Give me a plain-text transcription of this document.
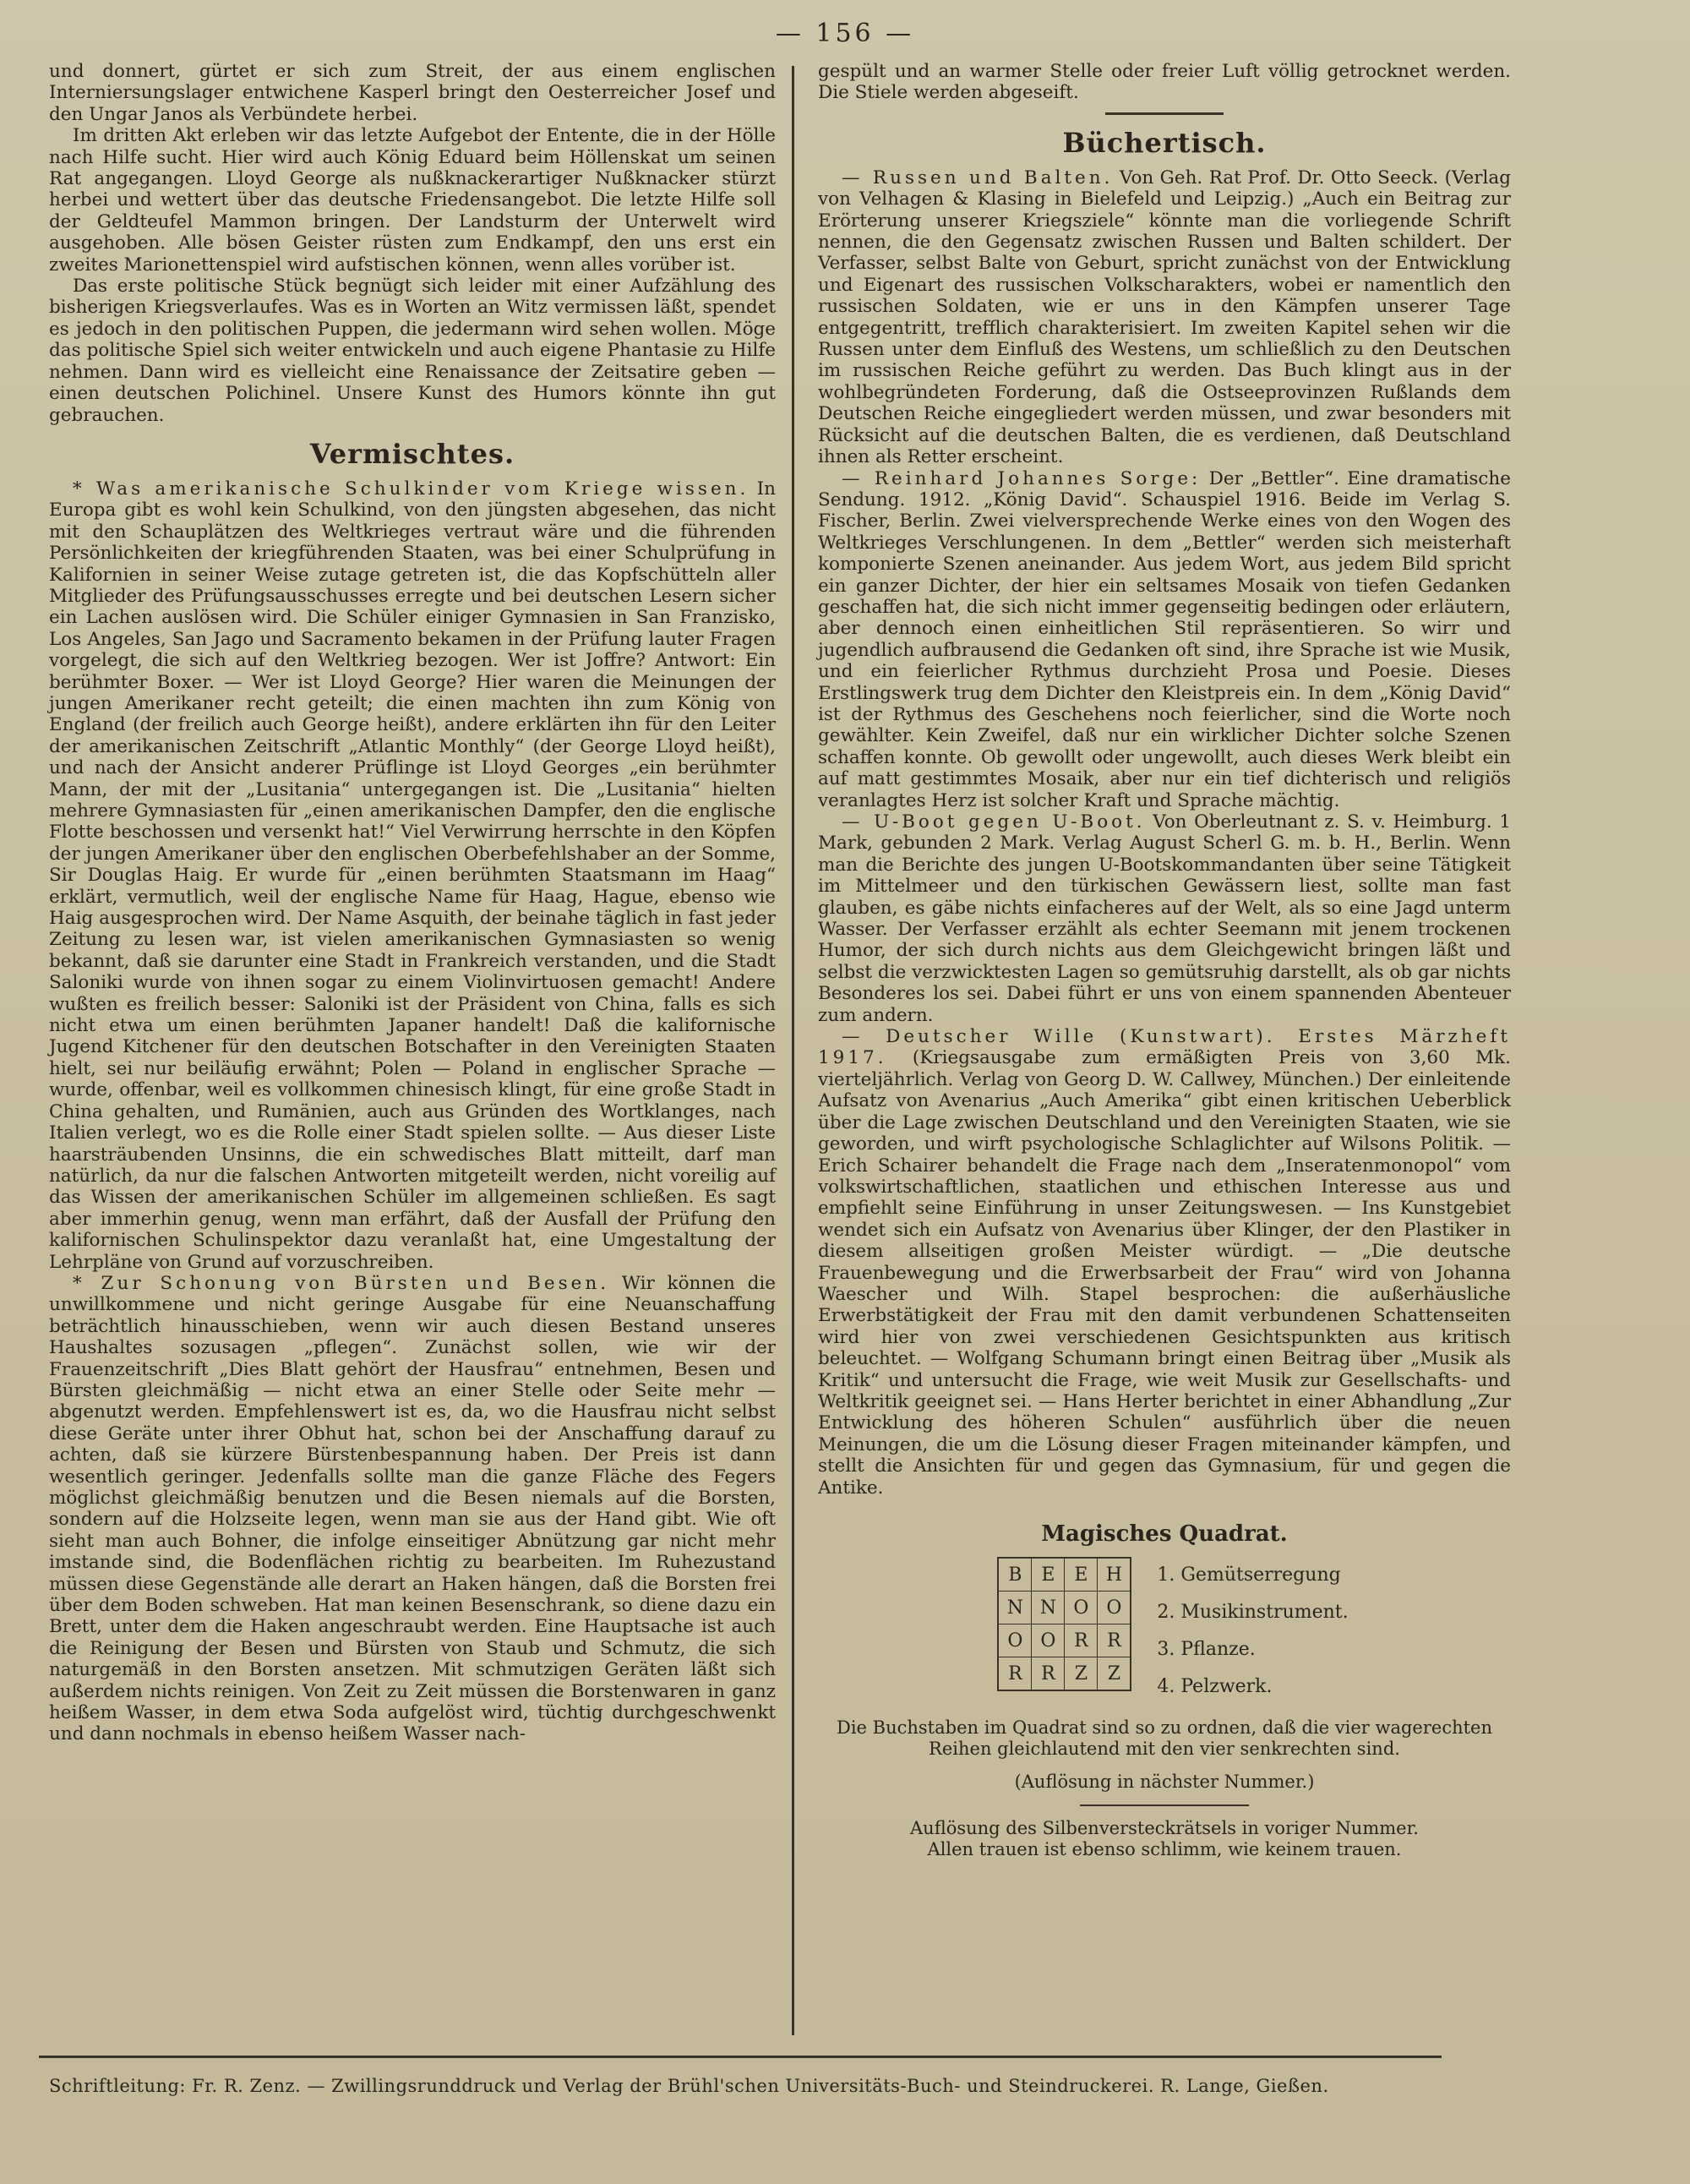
— 156 —

und donnert, gürtet er sich zum Streit, der aus einem englischen Interniersungslager entwichene Kasperl bringt den Oesterreicher Josef und den Ungar Janos als Verbündete herbei.

Im dritten Akt erleben wir das letzte Aufgebot der Entente, die in der Hölle nach Hilfe sucht. Hier wird auch König Eduard beim Höllenskat um seinen Rat angegangen. Lloyd George als nußknackerartiger Nußknacker stürzt herbei und wettert über das deutsche Friedensangebot. Die letzte Hilfe soll der Geldteufel Mammon bringen. Der Landsturm der Unterwelt wird ausgehoben. Alle bösen Geister rüsten zum Endkampf, den uns erst ein zweites Marionettenspiel wird aufstischen können, wenn alles vorüber ist.

Das erste politische Stück begnügt sich leider mit einer Aufzählung des bisherigen Kriegsverlaufes. Was es in Worten an Witz vermissen läßt, spendet es jedoch in den politischen Puppen, die jedermann wird sehen wollen. Möge das politische Spiel sich weiter entwickeln und auch eigene Phantasie zu Hilfe nehmen. Dann wird es vielleicht eine Renaissance der Zeitsatire geben — einen deutschen Polichinel. Unsere Kunst des Humors könnte ihn gut gebrauchen.

Vermischtes.

* Was amerikanische Schulkinder vom Kriege wissen. In Europa gibt es wohl kein Schulkind, von den jüngsten abgesehen, das nicht mit den Schauplätzen des Weltkrieges vertraut wäre und die führenden Persönlichkeiten der kriegführenden Staaten, was bei einer Schulprüfung in Kalifornien in seiner Weise zutage getreten ist, die das Kopfschütteln aller Mitglieder des Prüfungsausschusses erregte und bei deutschen Lesern sicher ein Lachen auslösen wird. Die Schüler einiger Gymnasien in San Franzisko, Los Angeles, San Jago und Sacramento bekamen in der Prüfung lauter Fragen vorgelegt, die sich auf den Weltkrieg bezogen. Wer ist Joffre? Antwort: Ein berühmter Boxer. — Wer ist Lloyd George? Hier waren die Meinungen der jungen Amerikaner recht geteilt; die einen machten ihn zum König von England (der freilich auch George heißt), andere erklärten ihn für den Leiter der amerikanischen Zeitschrift „Atlantic Monthly“ (der George Lloyd heißt), und nach der Ansicht anderer Prüflinge ist Lloyd Georges „ein berühmter Mann, der mit der „Lusitania“ untergegangen ist. Die „Lusitania“ hielten mehrere Gymnasiasten für „einen amerikanischen Dampfer, den die englische Flotte beschossen und versenkt hat!“ Viel Verwirrung herrschte in den Köpfen der jungen Amerikaner über den englischen Oberbefehlshaber an der Somme, Sir Douglas Haig. Er wurde für „einen berühmten Staatsmann im Haag“ erklärt, vermutlich, weil der englische Name für Haag, Hague, ebenso wie Haig ausgesprochen wird. Der Name Asquith, der beinahe täglich in fast jeder Zeitung zu lesen war, ist vielen amerikanischen Gymnasiasten so wenig bekannt, daß sie darunter eine Stadt in Frankreich verstanden, und die Stadt Saloniki wurde von ihnen sogar zu einem Violinvirtuosen gemacht! Andere wußten es freilich besser: Saloniki ist der Präsident von China, falls es sich nicht etwa um einen berühmten Japaner handelt! Daß die kalifornische Jugend Kitchener für den deutschen Botschafter in den Vereinigten Staaten hielt, sei nur beiläufig erwähnt; Polen — Poland in englischer Sprache — wurde, offenbar, weil es vollkommen chinesisch klingt, für eine große Stadt in China gehalten, und Rumänien, auch aus Gründen des Wortklanges, nach Italien verlegt, wo es die Rolle einer Stadt spielen sollte. — Aus dieser Liste haarsträubenden Unsinns, die ein schwedisches Blatt mitteilt, darf man natürlich, da nur die falschen Antworten mitgeteilt werden, nicht voreilig auf das Wissen der amerikanischen Schüler im allgemeinen schließen. Es sagt aber immerhin genug, wenn man erfährt, daß der Ausfall der Prüfung den kalifornischen Schulinspektor dazu veranlaßt hat, eine Umgestaltung der Lehrpläne von Grund auf vorzuschreiben.

* Zur Schonung von Bürsten und Besen. Wir können die unwillkommene und nicht geringe Ausgabe für eine Neuanschaffung beträchtlich hinausschieben, wenn wir auch diesen Bestand unseres Haushaltes sozusagen „pflegen“. Zunächst sollen, wie wir der Frauenzeitschrift „Dies Blatt gehört der Hausfrau“ entnehmen, Besen und Bürsten gleichmäßig — nicht etwa an einer Stelle oder Seite mehr — abgenutzt werden. Empfehlenswert ist es, da, wo die Hausfrau nicht selbst diese Geräte unter ihrer Obhut hat, schon bei der Anschaffung darauf zu achten, daß sie kürzere Bürstenbespannung haben. Der Preis ist dann wesentlich geringer. Jedenfalls sollte man die ganze Fläche des Fegers möglichst gleichmäßig benutzen und die Besen niemals auf die Borsten, sondern auf die Holzseite legen, wenn man sie aus der Hand gibt. Wie oft sieht man auch Bohner, die infolge einseitiger Abnützung gar nicht mehr imstande sind, die Bodenflächen richtig zu bearbeiten. Im Ruhezustand müssen diese Gegenstände alle derart an Haken hängen, daß die Borsten frei über dem Boden schweben. Hat man keinen Besenschrank, so diene dazu ein Brett, unter dem die Haken angeschraubt werden. Eine Hauptsache ist auch die Reinigung der Besen und Bürsten von Staub und Schmutz, die sich naturgemäß in den Borsten ansetzen. Mit schmutzigen Geräten läßt sich außerdem nichts reinigen. Von Zeit zu Zeit müssen die Borstenwaren in ganz heißem Wasser, in dem etwa Soda aufgelöst wird, tüchtig durchgeschwenkt und dann nochmals in ebenso heißem Wasser nach-

gespült und an warmer Stelle oder freier Luft völlig getrocknet werden. Die Stiele werden abgeseift.

Büchertisch.

— Russen und Balten. Von Geh. Rat Prof. Dr. Otto Seeck. (Verlag von Velhagen & Klasing in Bielefeld und Leipzig.) „Auch ein Beitrag zur Erörterung unserer Kriegsziele“ könnte man die vorliegende Schrift nennen, die den Gegensatz zwischen Russen und Balten schildert. Der Verfasser, selbst Balte von Geburt, spricht zunächst von der Entwicklung und Eigenart des russischen Volkscharakters, wobei er namentlich den russischen Soldaten, wie er uns in den Kämpfen unserer Tage entgegentritt, trefflich charakterisiert. Im zweiten Kapitel sehen wir die Russen unter dem Einfluß des Westens, um schließlich zu den Deutschen im russischen Reiche geführt zu werden. Das Buch klingt aus in der wohlbegründeten Forderung, daß die Ostseeprovinzen Rußlands dem Deutschen Reiche eingegliedert werden müssen, und zwar besonders mit Rücksicht auf die deutschen Balten, die es verdienen, daß Deutschland ihnen als Retter erscheint.

— Reinhard Johannes Sorge: Der „Bettler“. Eine dramatische Sendung. 1912. „König David“. Schauspiel 1916. Beide im Verlag S. Fischer, Berlin. Zwei vielversprechende Werke eines von den Wogen des Weltkrieges Verschlungenen. In dem „Bettler“ werden sich meisterhaft komponierte Szenen aneinander. Aus jedem Wort, aus jedem Bild spricht ein ganzer Dichter, der hier ein seltsames Mosaik von tiefen Gedanken geschaffen hat, die sich nicht immer gegenseitig bedingen oder erläutern, aber dennoch einen einheitlichen Stil repräsentieren. So wirr und jugendlich aufbrausend die Gedanken oft sind, ihre Sprache ist wie Musik, und ein feierlicher Rythmus durchzieht Prosa und Poesie. Dieses Erstlingswerk trug dem Dichter den Kleistpreis ein. In dem „König David“ ist der Rythmus des Geschehens noch feierlicher, sind die Worte noch gewählter. Kein Zweifel, daß nur ein wirklicher Dichter solche Szenen schaffen konnte. Ob gewollt oder ungewollt, auch dieses Werk bleibt ein auf matt gestimmtes Mosaik, aber nur ein tief dichterisch und religiös veranlagtes Herz ist solcher Kraft und Sprache mächtig.

— U-Boot gegen U-Boot. Von Oberleutnant z. S. v. Heimburg. 1 Mark, gebunden 2 Mark. Verlag August Scherl G. m. b. H., Berlin. Wenn man die Berichte des jungen U-Bootskommandanten über seine Tätigkeit im Mittelmeer und den türkischen Gewässern liest, sollte man fast glauben, es gäbe nichts einfacheres auf der Welt, als so eine Jagd unterm Wasser. Der Verfasser erzählt als echter Seemann mit jenem trockenen Humor, der sich durch nichts aus dem Gleichgewicht bringen läßt und selbst die verzwicktesten Lagen so gemütsruhig darstellt, als ob gar nichts Besonderes los sei. Dabei führt er uns von einem spannenden Abenteuer zum andern.

— Deutscher Wille (Kunstwart). Erstes Märzheft 1917. (Kriegsausgabe zum ermäßigten Preis von 3,60 Mk. vierteljährlich. Verlag von Georg D. W. Callwey, München.) Der einleitende Aufsatz von Avenarius „Auch Amerika“ gibt einen kritischen Ueberblick über die Lage zwischen Deutschland und den Vereinigten Staaten, wie sie geworden, und wirft psychologische Schlaglichter auf Wilsons Politik. — Erich Schairer behandelt die Frage nach dem „Inseratenmonopol“ vom volkswirtschaftlichen, staatlichen und ethischen Interesse aus und empfiehlt seine Einführung in unser Zeitungswesen. — Ins Kunstgebiet wendet sich ein Aufsatz von Avenarius über Klinger, der den Plastiker in diesem allseitigen großen Meister würdigt. — „Die deutsche Frauenbewegung und die Erwerbsarbeit der Frau“ wird von Johanna Waescher und Wilh. Stapel besprochen: die außerhäusliche Erwerbstätigkeit der Frau mit den damit verbundenen Schattenseiten wird hier von zwei verschiedenen Gesichtspunkten aus kritisch beleuchtet. — Wolfgang Schumann bringt einen Beitrag über „Musik als Kritik“ und untersucht die Frage, wie weit Musik zur Gesellschafts- und Weltkritik geeignet sei. — Hans Herter berichtet in einer Abhandlung „Zur Entwicklung des höheren Schulen“ ausführlich über die neuen Meinungen, die um die Lösung dieser Fragen miteinander kämpfen, und stellt die Ansichten für und gegen das Gymnasium, für und gegen die Antike.

Magisches Quadrat.
B	E	E	H
N	N	O	O
O	O	R	R
R	R	Z	Z
1. Gemütserregung
2. Musikinstrument.
3. Pflanze.
4. Pelzwerk.
Die Buchstaben im Quadrat sind so zu ordnen, daß die vier wagerechten Reihen gleichlautend mit den vier senkrechten sind.
(Auflösung in nächster Nummer.)
Auflösung des Silbenversteckrätsels in voriger Nummer.
Allen trauen ist ebenso schlimm, wie keinem trauen.
Schriftleitung: Fr. R. Zenz. — Zwillingsrunddruck und Verlag der Brühl'schen Universitäts-Buch- und Steindruckerei. R. Lange, Gießen.
